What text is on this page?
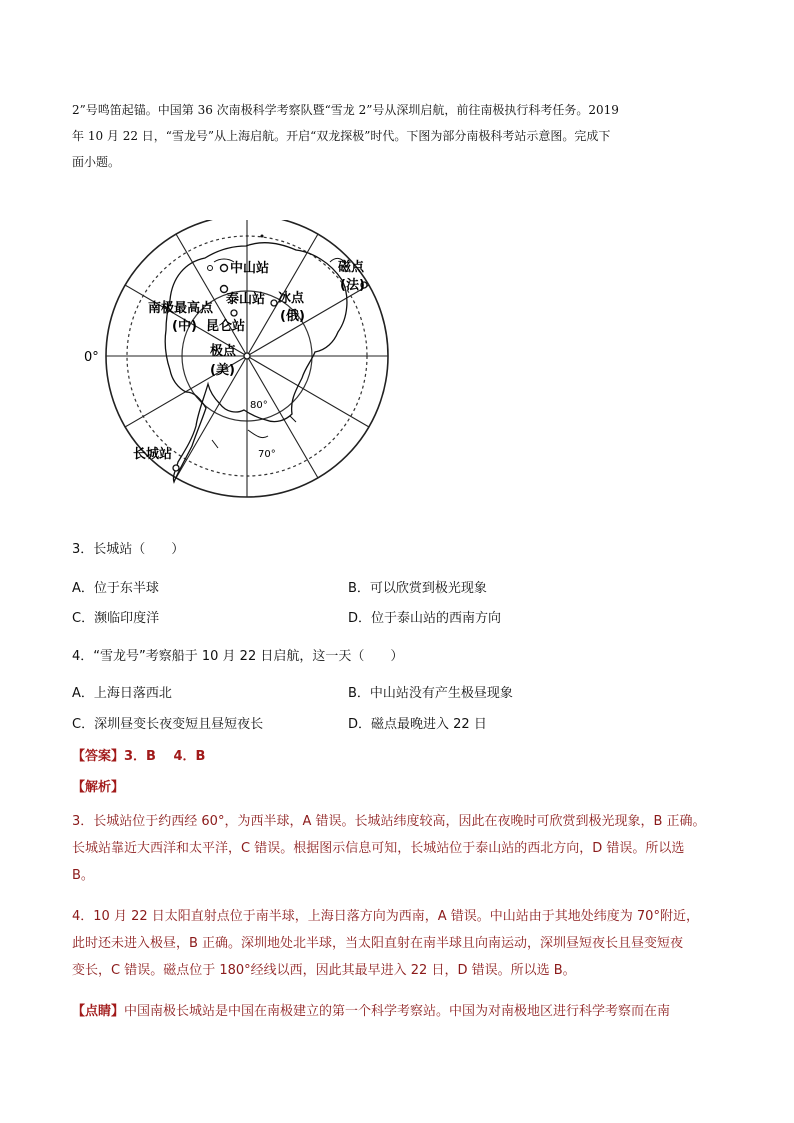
2”号鸣笛起锚。中国第 36 次南极科学考察队暨“雪龙 2”号从深圳启航，前往南极执行科考任务。2019
年 10 月 22 日，“雪龙号”从上海启航。开启“双龙探极”时代。下图为部分南极科考站示意图。完成下
面小题。
中山站
泰山站 冰点
(俄)
磁点
(法)
南极最高点
(中) 昆仑站
极点
(美)
80°
70°
长城站
0°
3．长城站（　　）
A．位于东半球	B．可以欣赏到极光现象
C．濒临印度洋	D．位于泰山站的西南方向
4．“雪龙号”考察船于 10 月 22 日启航，这一天（　　）
A．上海日落西北	B．中山站没有产生极昼现象
C．深圳昼变长夜变短且昼短夜长	D．磁点最晚进入 22 日
【答案】3．B　 4．B
【解析】
3．长城站位于约西经 60°，为西半球，A 错误。长城站纬度较高，因此在夜晚时可欣赏到极光现象，B 正确。
长城站靠近大西洋和太平洋，C 错误。根据图示信息可知，长城站位于泰山站的西北方向，D 错误。所以选
B。
4．10 月 22 日太阳直射点位于南半球，上海日落方向为西南，A 错误。中山站由于其地处纬度为 70°附近，
此时还未进入极昼，B 正确。深圳地处北半球，当太阳直射在南半球且向南运动，深圳昼短夜长且昼变短夜
变长，C 错误。磁点位于 180°经线以西，因此其最早进入 22 日，D 错误。所以选 B。
【点睛】中国南极长城站是中国在南极建立的第一个科学考察站。中国为对南极地区进行科学考察而在南
